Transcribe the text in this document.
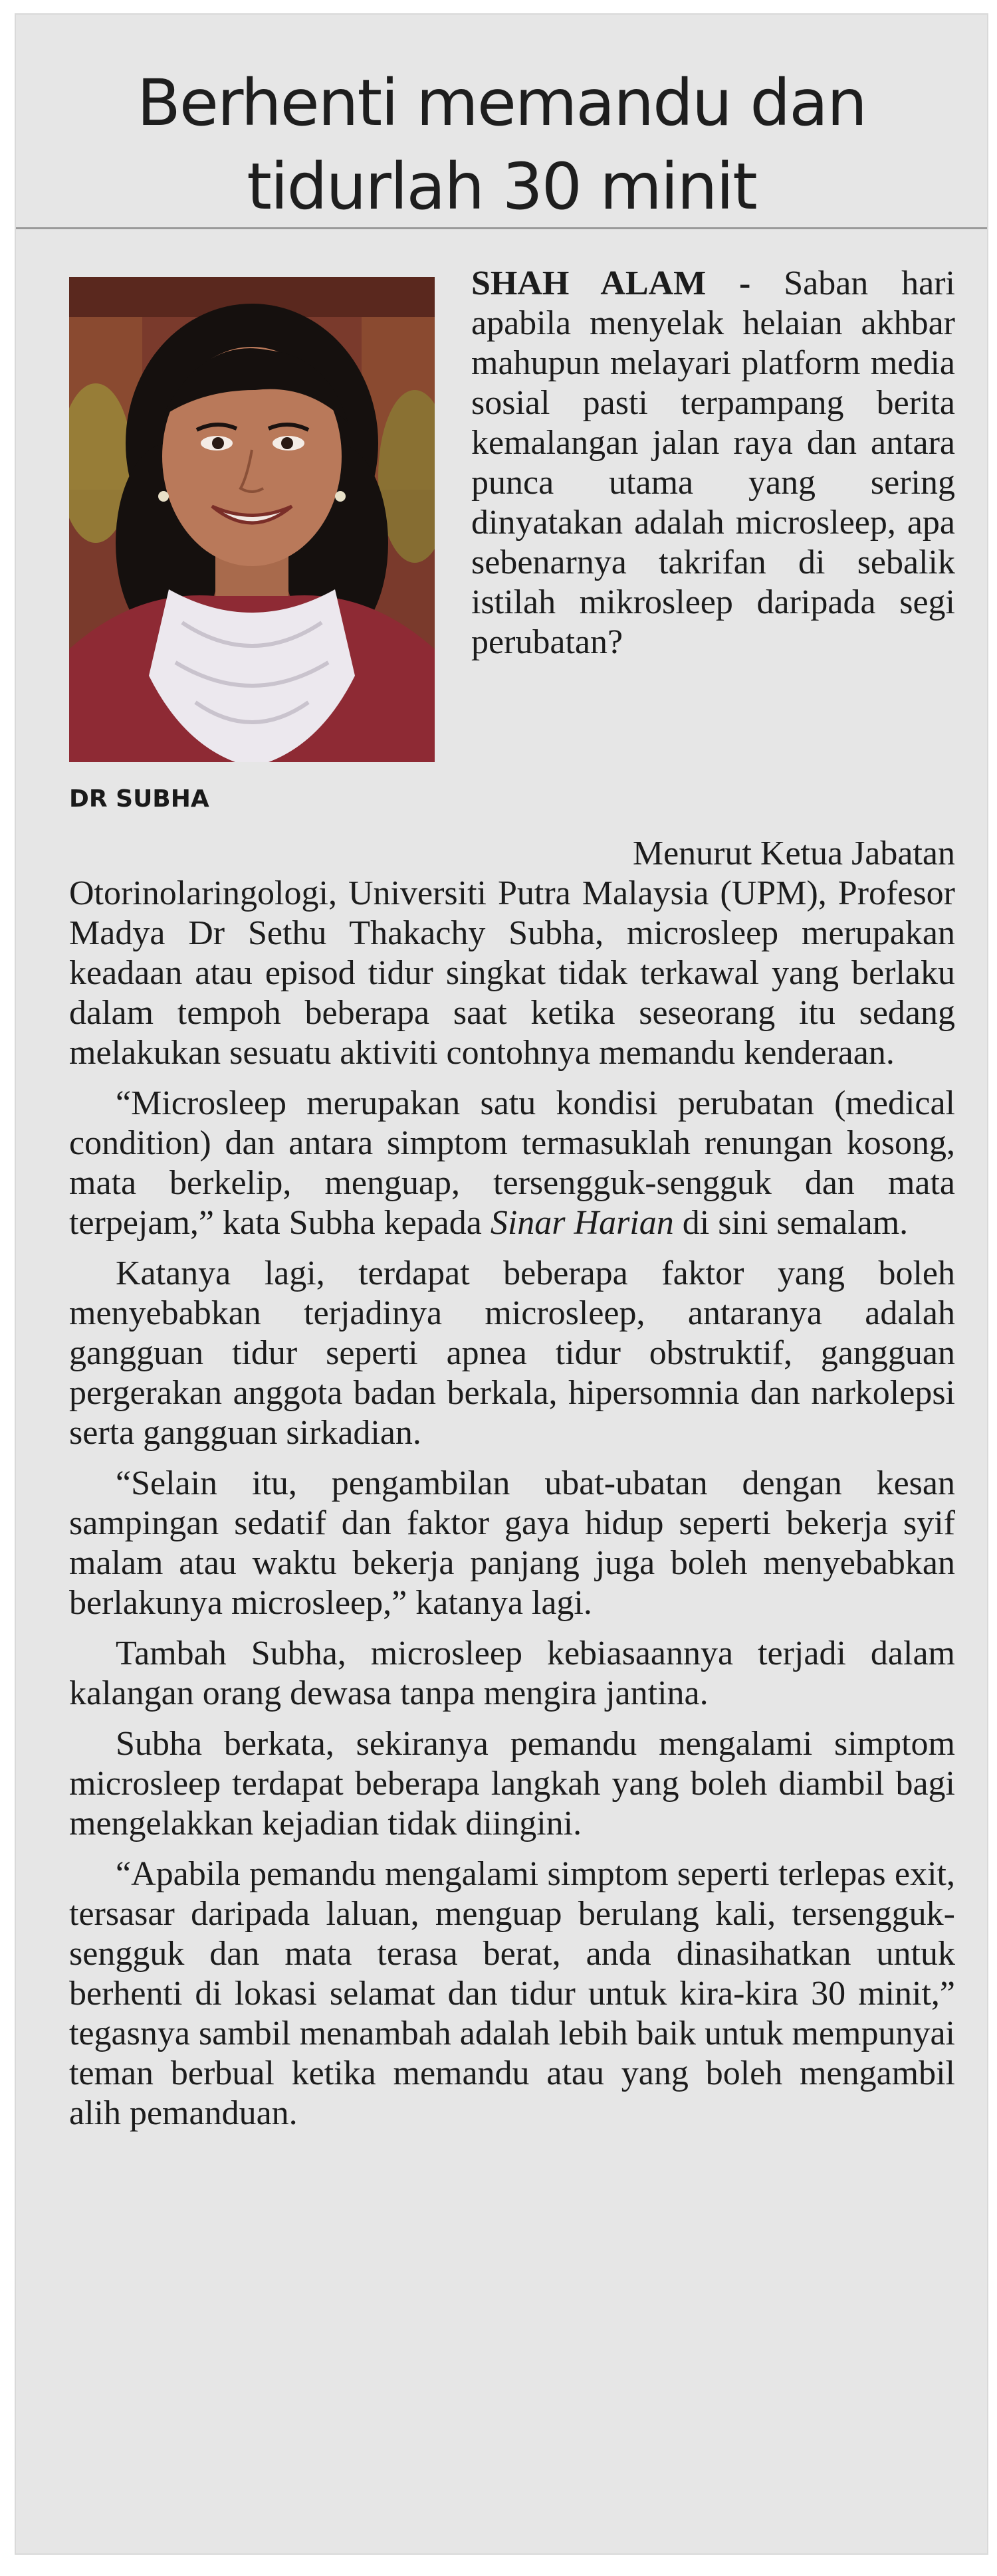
Berhenti memandu dan
tidurlah 30 minit
DR SUBHA

SHAH ALAM - Saban hari apabila menyelak helaian akhbar mahupun melayari platform media sosial pasti terpampang berita kemalangan jalan raya dan antara punca utama yang sering dinyatakan adalah microsleep, apa sebenarnya takrifan di sebalik istilah mikrosleep daripada segi perubatan?

Menurut Ketua Jabatan
Otorinolaringologi, Universiti Putra Malaysia (UPM), Profesor Madya Dr Sethu Thakachy Subha, microsleep merupakan keadaan atau episod tidur singkat tidak terkawal yang berlaku dalam tempoh beberapa saat ketika seseorang itu sedang melakukan sesuatu aktiviti contohnya memandu kenderaan.

“Microsleep merupakan satu kondisi perubatan (medical condition) dan antara simptom termasuklah renungan kosong, mata berkelip, menguap, tersengguk-sengguk dan mata terpejam,” kata Subha kepada Sinar Harian di sini semalam.

Katanya lagi, terdapat beberapa faktor yang boleh menyebabkan terjadinya microsleep, antaranya adalah gangguan tidur seperti apnea tidur obstruktif, gangguan pergerakan anggota badan berkala, hipersomnia dan narkolepsi serta gangguan sirkadian.

“Selain itu, pengambilan ubat-ubatan dengan kesan sampingan sedatif dan faktor gaya hidup seperti bekerja syif malam atau waktu bekerja panjang juga boleh menyebabkan berlakunya microsleep,” katanya lagi.

Tambah Subha, microsleep kebiasaannya terjadi dalam kalangan orang dewasa tanpa mengira jantina.

Subha berkata, sekiranya pemandu mengalami simptom microsleep terdapat beberapa langkah yang boleh diambil bagi mengelakkan kejadian tidak diingini.

“Apabila pemandu mengalami simptom seperti terlepas exit, tersasar daripada laluan, menguap berulang kali, tersengguk-sengguk dan mata terasa berat, anda dinasihatkan untuk berhenti di lokasi selamat dan tidur untuk kira-kira 30 minit,” tegasnya sambil menambah adalah lebih baik untuk mempunyai teman berbual ketika memandu atau yang boleh mengambil alih pemanduan.
